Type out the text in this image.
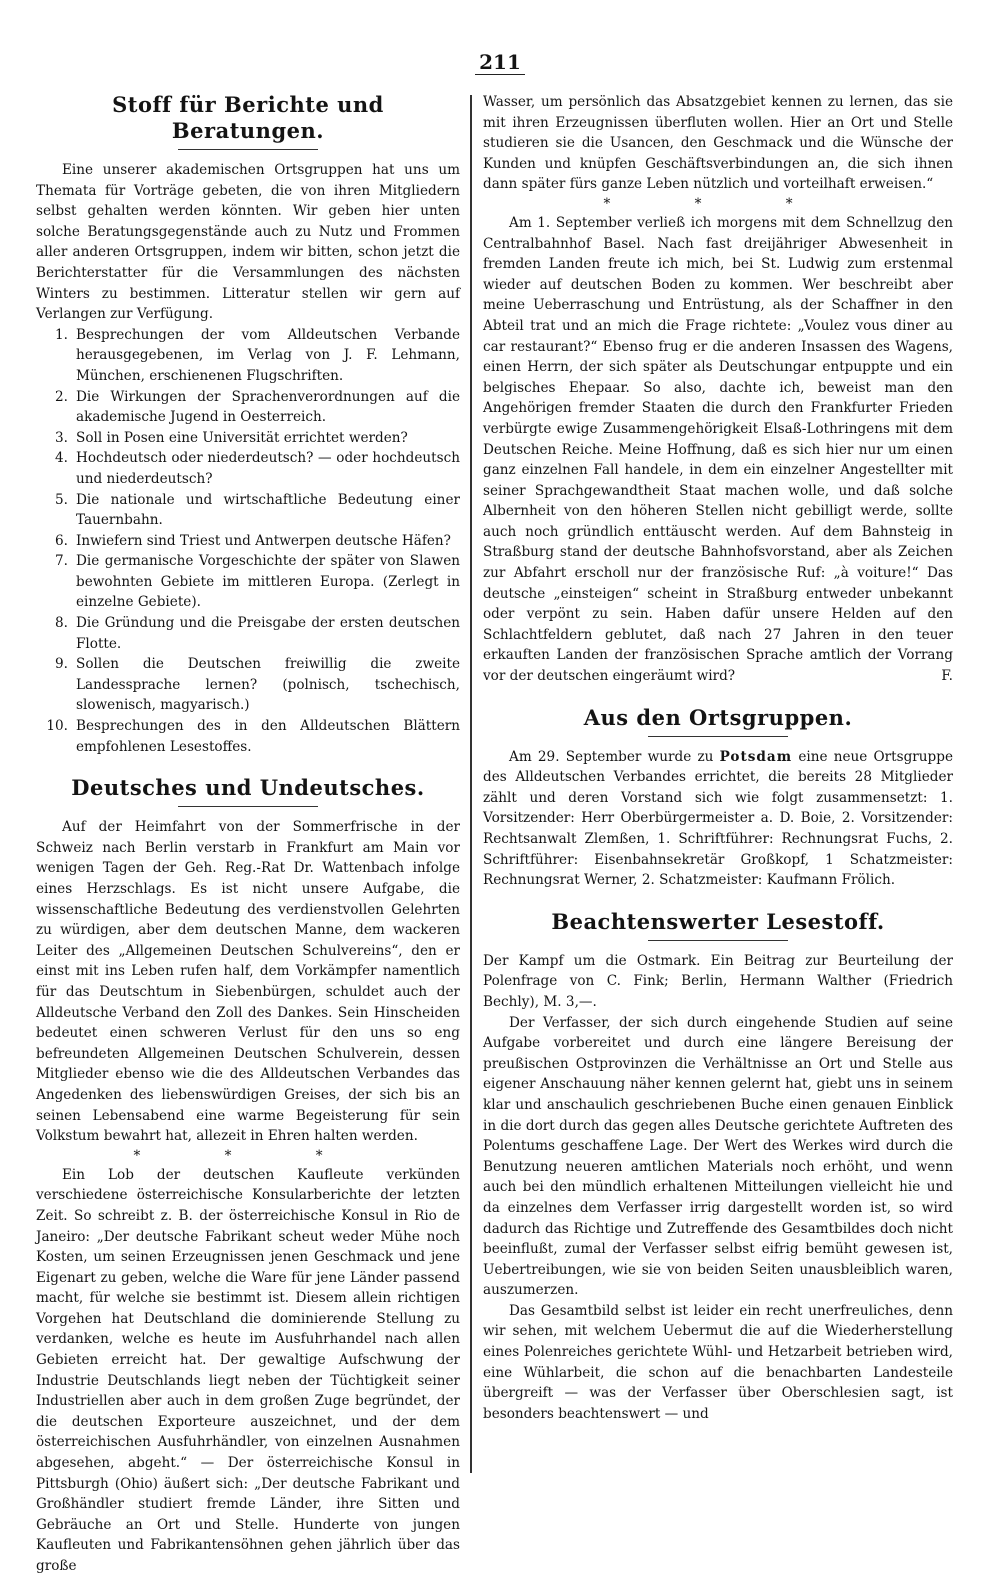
211
Stoff für Berichte und Beratungen.

Eine unserer akademischen Ortsgruppen hat uns um Themata für Vorträge gebeten, die von ihren Mitgliedern selbst gehalten werden könnten. Wir geben hier unten solche Beratungsgegenstände auch zu Nutz und Frommen aller anderen Ortsgruppen, indem wir bitten, schon jetzt die Berichterstatter für die Versammlungen des nächsten Winters zu bestimmen. Litteratur stellen wir gern auf Verlangen zur Verfügung.

1. Besprechungen der vom Alldeutschen Verbande herausgegebenen, im Verlag von J. F. Lehmann, München, erschienenen Flugschriften.
2. Die Wirkungen der Sprachenverordnungen auf die akademische Jugend in Oesterreich.
3. Soll in Posen eine Universität errichtet werden?
4. Hochdeutsch oder niederdeutsch? — oder hochdeutsch und niederdeutsch?
5. Die nationale und wirtschaftliche Bedeutung einer Tauernbahn.
6. Inwiefern sind Triest und Antwerpen deutsche Häfen?
7. Die germanische Vorgeschichte der später von Slawen bewohnten Gebiete im mittleren Europa. (Zerlegt in einzelne Gebiete).
8. Die Gründung und die Preisgabe der ersten deutschen Flotte.
9. Sollen die Deutschen freiwillig die zweite Landessprache lernen? (polnisch, tschechisch, slowenisch, magyarisch.)
10. Besprechungen des in den Alldeutschen Blättern empfohlenen Lesestoffes.
Deutsches und Undeutsches.

Auf der Heimfahrt von der Sommerfrische in der Schweiz nach Berlin verstarb in Frankfurt am Main vor wenigen Tagen der Geh. Reg.-Rat Dr. Wattenbach infolge eines Herzschlags. Es ist nicht unsere Aufgabe, die wissenschaftliche Bedeutung des verdienstvollen Gelehrten zu würdigen, aber dem deutschen Manne, dem wackeren Leiter des „Allgemeinen Deutschen Schulvereins“, den er einst mit ins Leben rufen half, dem Vorkämpfer namentlich für das Deutschtum in Siebenbürgen, schuldet auch der Alldeutsche Verband den Zoll des Dankes. Sein Hinscheiden bedeutet einen schweren Verlust für den uns so eng befreundeten Allgemeinen Deutschen Schulverein, dessen Mitglieder ebenso wie die des Alldeutschen Verbandes das Angedenken des liebenswürdigen Greises, der sich bis an seinen Lebensabend eine warme Begeisterung für sein Volkstum bewahrt hat, allezeit in Ehren halten werden.

* * *

Ein Lob der deutschen Kaufleute verkünden verschiedene österreichische Konsularberichte der letzten Zeit. So schreibt z. B. der österreichische Konsul in Rio de Janeiro: „Der deutsche Fabrikant scheut weder Mühe noch Kosten, um seinen Erzeugnissen jenen Geschmack und jene Eigenart zu geben, welche die Ware für jene Länder passend macht, für welche sie bestimmt ist. Diesem allein richtigen Vorgehen hat Deutschland die dominierende Stellung zu verdanken, welche es heute im Ausfuhrhandel nach allen Gebieten erreicht hat. Der gewaltige Aufschwung der Industrie Deutschlands liegt neben der Tüchtigkeit seiner Industriellen aber auch in dem großen Zuge begründet, der die deutschen Exporteure auszeichnet, und der dem österreichischen Ausfuhrhändler, von einzelnen Ausnahmen abgesehen, abgeht.“ — Der österreichische Konsul in Pittsburgh (Ohio) äußert sich: „Der deutsche Fabrikant und Großhändler studiert fremde Länder, ihre Sitten und Gebräuche an Ort und Stelle. Hunderte von jungen Kaufleuten und Fabrikantensöhnen gehen jährlich über das große

Wasser, um persönlich das Absatzgebiet kennen zu lernen, das sie mit ihren Erzeugnissen überfluten wollen. Hier an Ort und Stelle studieren sie die Usancen, den Geschmack und die Wünsche der Kunden und knüpfen Geschäftsverbindungen an, die sich ihnen dann später fürs ganze Leben nützlich und vorteilhaft erweisen.“

* * *

Am 1. September verließ ich morgens mit dem Schnellzug den Centralbahnhof Basel. Nach fast dreijähriger Abwesenheit in fremden Landen freute ich mich, bei St. Ludwig zum erstenmal wieder auf deutschen Boden zu kommen. Wer beschreibt aber meine Ueberraschung und Entrüstung, als der Schaffner in den Abteil trat und an mich die Frage richtete: „Voulez vous diner au car restaurant?“ Ebenso frug er die anderen Insassen des Wagens, einen Herrn, der sich später als Deutschungar entpuppte und ein belgisches Ehepaar. So also, dachte ich, beweist man den Angehörigen fremder Staaten die durch den Frankfurter Frieden verbürgte ewige Zusammengehörigkeit Elsaß-Lothringens mit dem Deutschen Reiche. Meine Hoffnung, daß es sich hier nur um einen ganz einzelnen Fall handele, in dem ein einzelner Angestellter mit seiner Sprachgewandtheit Staat machen wolle, und daß solche Albernheit von den höheren Stellen nicht gebilligt werde, sollte auch noch gründlich enttäuscht werden. Auf dem Bahnsteig in Straßburg stand der deutsche Bahnhofsvorstand, aber als Zeichen zur Abfahrt erscholl nur der französische Ruf: „à voiture!“ Das deutsche „einsteigen“ scheint in Straßburg entweder unbekannt oder verpönt zu sein. Haben dafür unsere Helden auf den Schlachtfeldern geblutet, daß nach 27 Jahren in den teuer erkauften Landen der französischen Sprache amtlich der Vorrang vor der deutschen eingeräumt wird?	F.

Aus den Ortsgruppen.

Am 29. September wurde zu Potsdam eine neue Ortsgruppe des Alldeutschen Verbandes errichtet, die bereits 28 Mitglieder zählt und deren Vorstand sich wie folgt zusammensetzt: 1. Vorsitzender: Herr Oberbürgermeister a. D. Boie, 2. Vorsitzender: Rechtsanwalt Zlemßen, 1. Schriftführer: Rechnungsrat Fuchs, 2. Schriftführer: Eisenbahnsekretär Großkopf, 1 Schatzmeister: Rechnungsrat Werner, 2. Schatzmeister: Kaufmann Frölich.

Beachtenswerter Lesestoff.

Der Kampf um die Ostmark. Ein Beitrag zur Beurteilung der Polenfrage von C. Fink; Berlin, Hermann Walther (Friedrich Bechly), M. 3,—.

Der Verfasser, der sich durch eingehende Studien auf seine Aufgabe vorbereitet und durch eine längere Bereisung der preußischen Ostprovinzen die Verhältnisse an Ort und Stelle aus eigener Anschauung näher kennen gelernt hat, giebt uns in seinem klar und anschaulich geschriebenen Buche einen genauen Einblick in die dort durch das gegen alles Deutsche gerichtete Auftreten des Polentums geschaffene Lage. Der Wert des Werkes wird durch die Benutzung neueren amtlichen Materials noch erhöht, und wenn auch bei den mündlich erhaltenen Mitteilungen vielleicht hie und da einzelnes dem Verfasser irrig dargestellt worden ist, so wird dadurch das Richtige und Zutreffende des Gesamtbildes doch nicht beeinflußt, zumal der Verfasser selbst eifrig bemüht gewesen ist, Uebertreibungen, wie sie von beiden Seiten unausbleiblich waren, auszumerzen.

Das Gesamtbild selbst ist leider ein recht unerfreuliches, denn wir sehen, mit welchem Uebermut die auf die Wiederherstellung eines Polenreiches gerichtete Wühl- und Hetzarbeit betrieben wird, eine Wühlarbeit, die schon auf die benachbarten Landesteile übergreift — was der Verfasser über Oberschlesien sagt, ist besonders beachtenswert — und
